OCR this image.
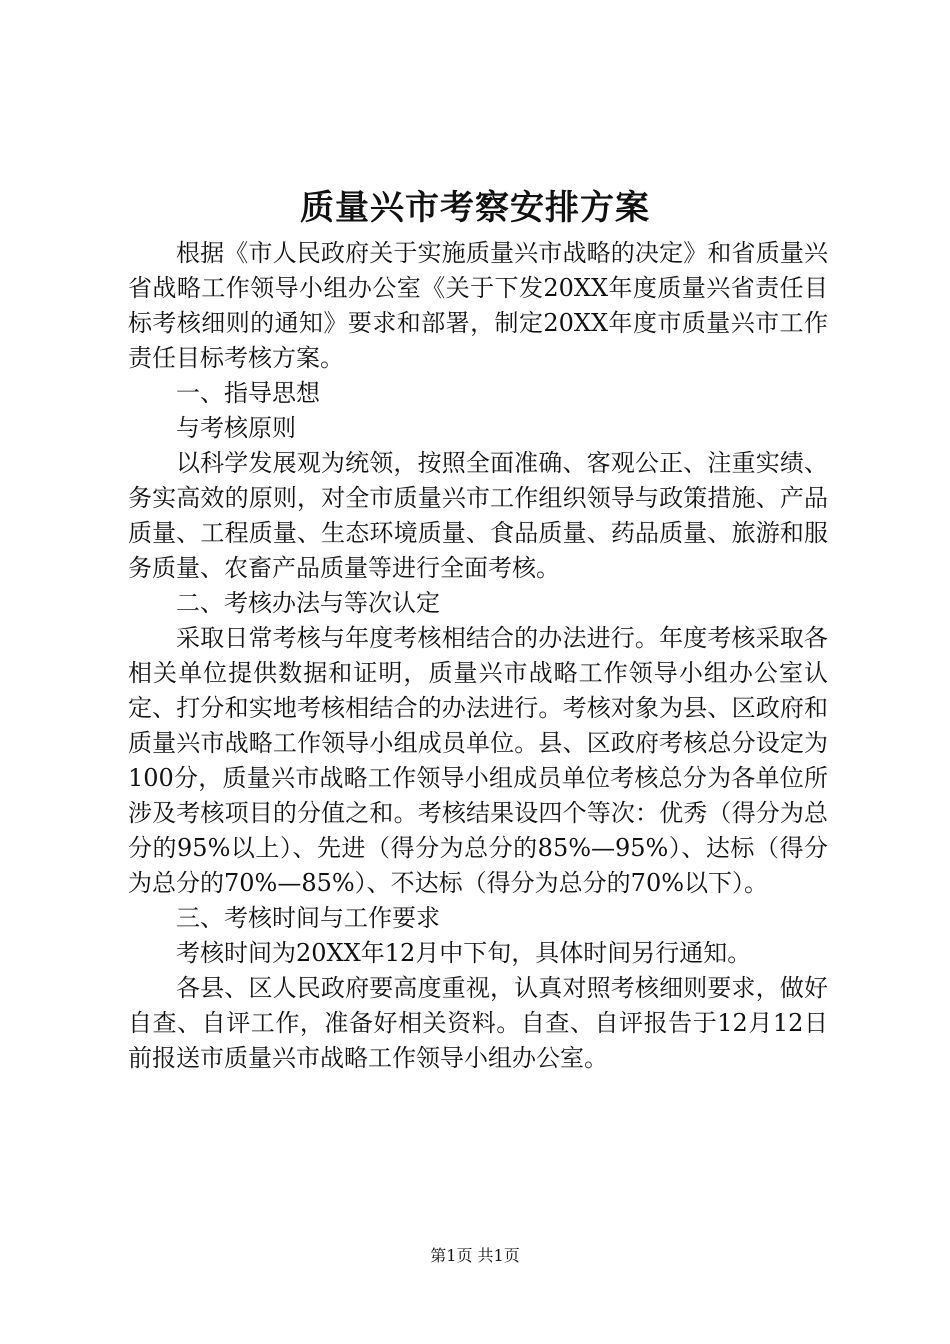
质量兴市考察安排方案

根据《市人民政府关于实施质量兴市战略的决定》和省质量兴省战略工作领导小组办公室《关于下发20XX年度质量兴省责任目标考核细则的通知》要求和部署，制定20XX年度市质量兴市工作责任目标考核方案。

一、指导思想

与考核原则

以科学发展观为统领，按照全面准确、客观公正、注重实绩、务实高效的原则，对全市质量兴市工作组织领导与政策措施、产品质量、工程质量、生态环境质量、食品质量、药品质量、旅游和服务质量、农畜产品质量等进行全面考核。

二、考核办法与等次认定

采取日常考核与年度考核相结合的办法进行。年度考核采取各相关单位提供数据和证明，质量兴市战略工作领导小组办公室认定、打分和实地考核相结合的办法进行。考核对象为县、区政府和质量兴市战略工作领导小组成员单位。县、区政府考核总分设定为100分，质量兴市战略工作领导小组成员单位考核总分为各单位所涉及考核项目的分值之和。考核结果设四个等次：优秀（得分为总分的95%以上）、先进（得分为总分的85%—95%）、达标（得分为总分的70%—85%）、不达标（得分为总分的70%以下）。

三、考核时间与工作要求

考核时间为20XX年12月中下旬，具体时间另行通知。

各县、区人民政府要高度重视，认真对照考核细则要求，做好自查、自评工作，准备好相关资料。自查、自评报告于12月12日前报送市质量兴市战略工作领导小组办公室。

第1页 共1页
